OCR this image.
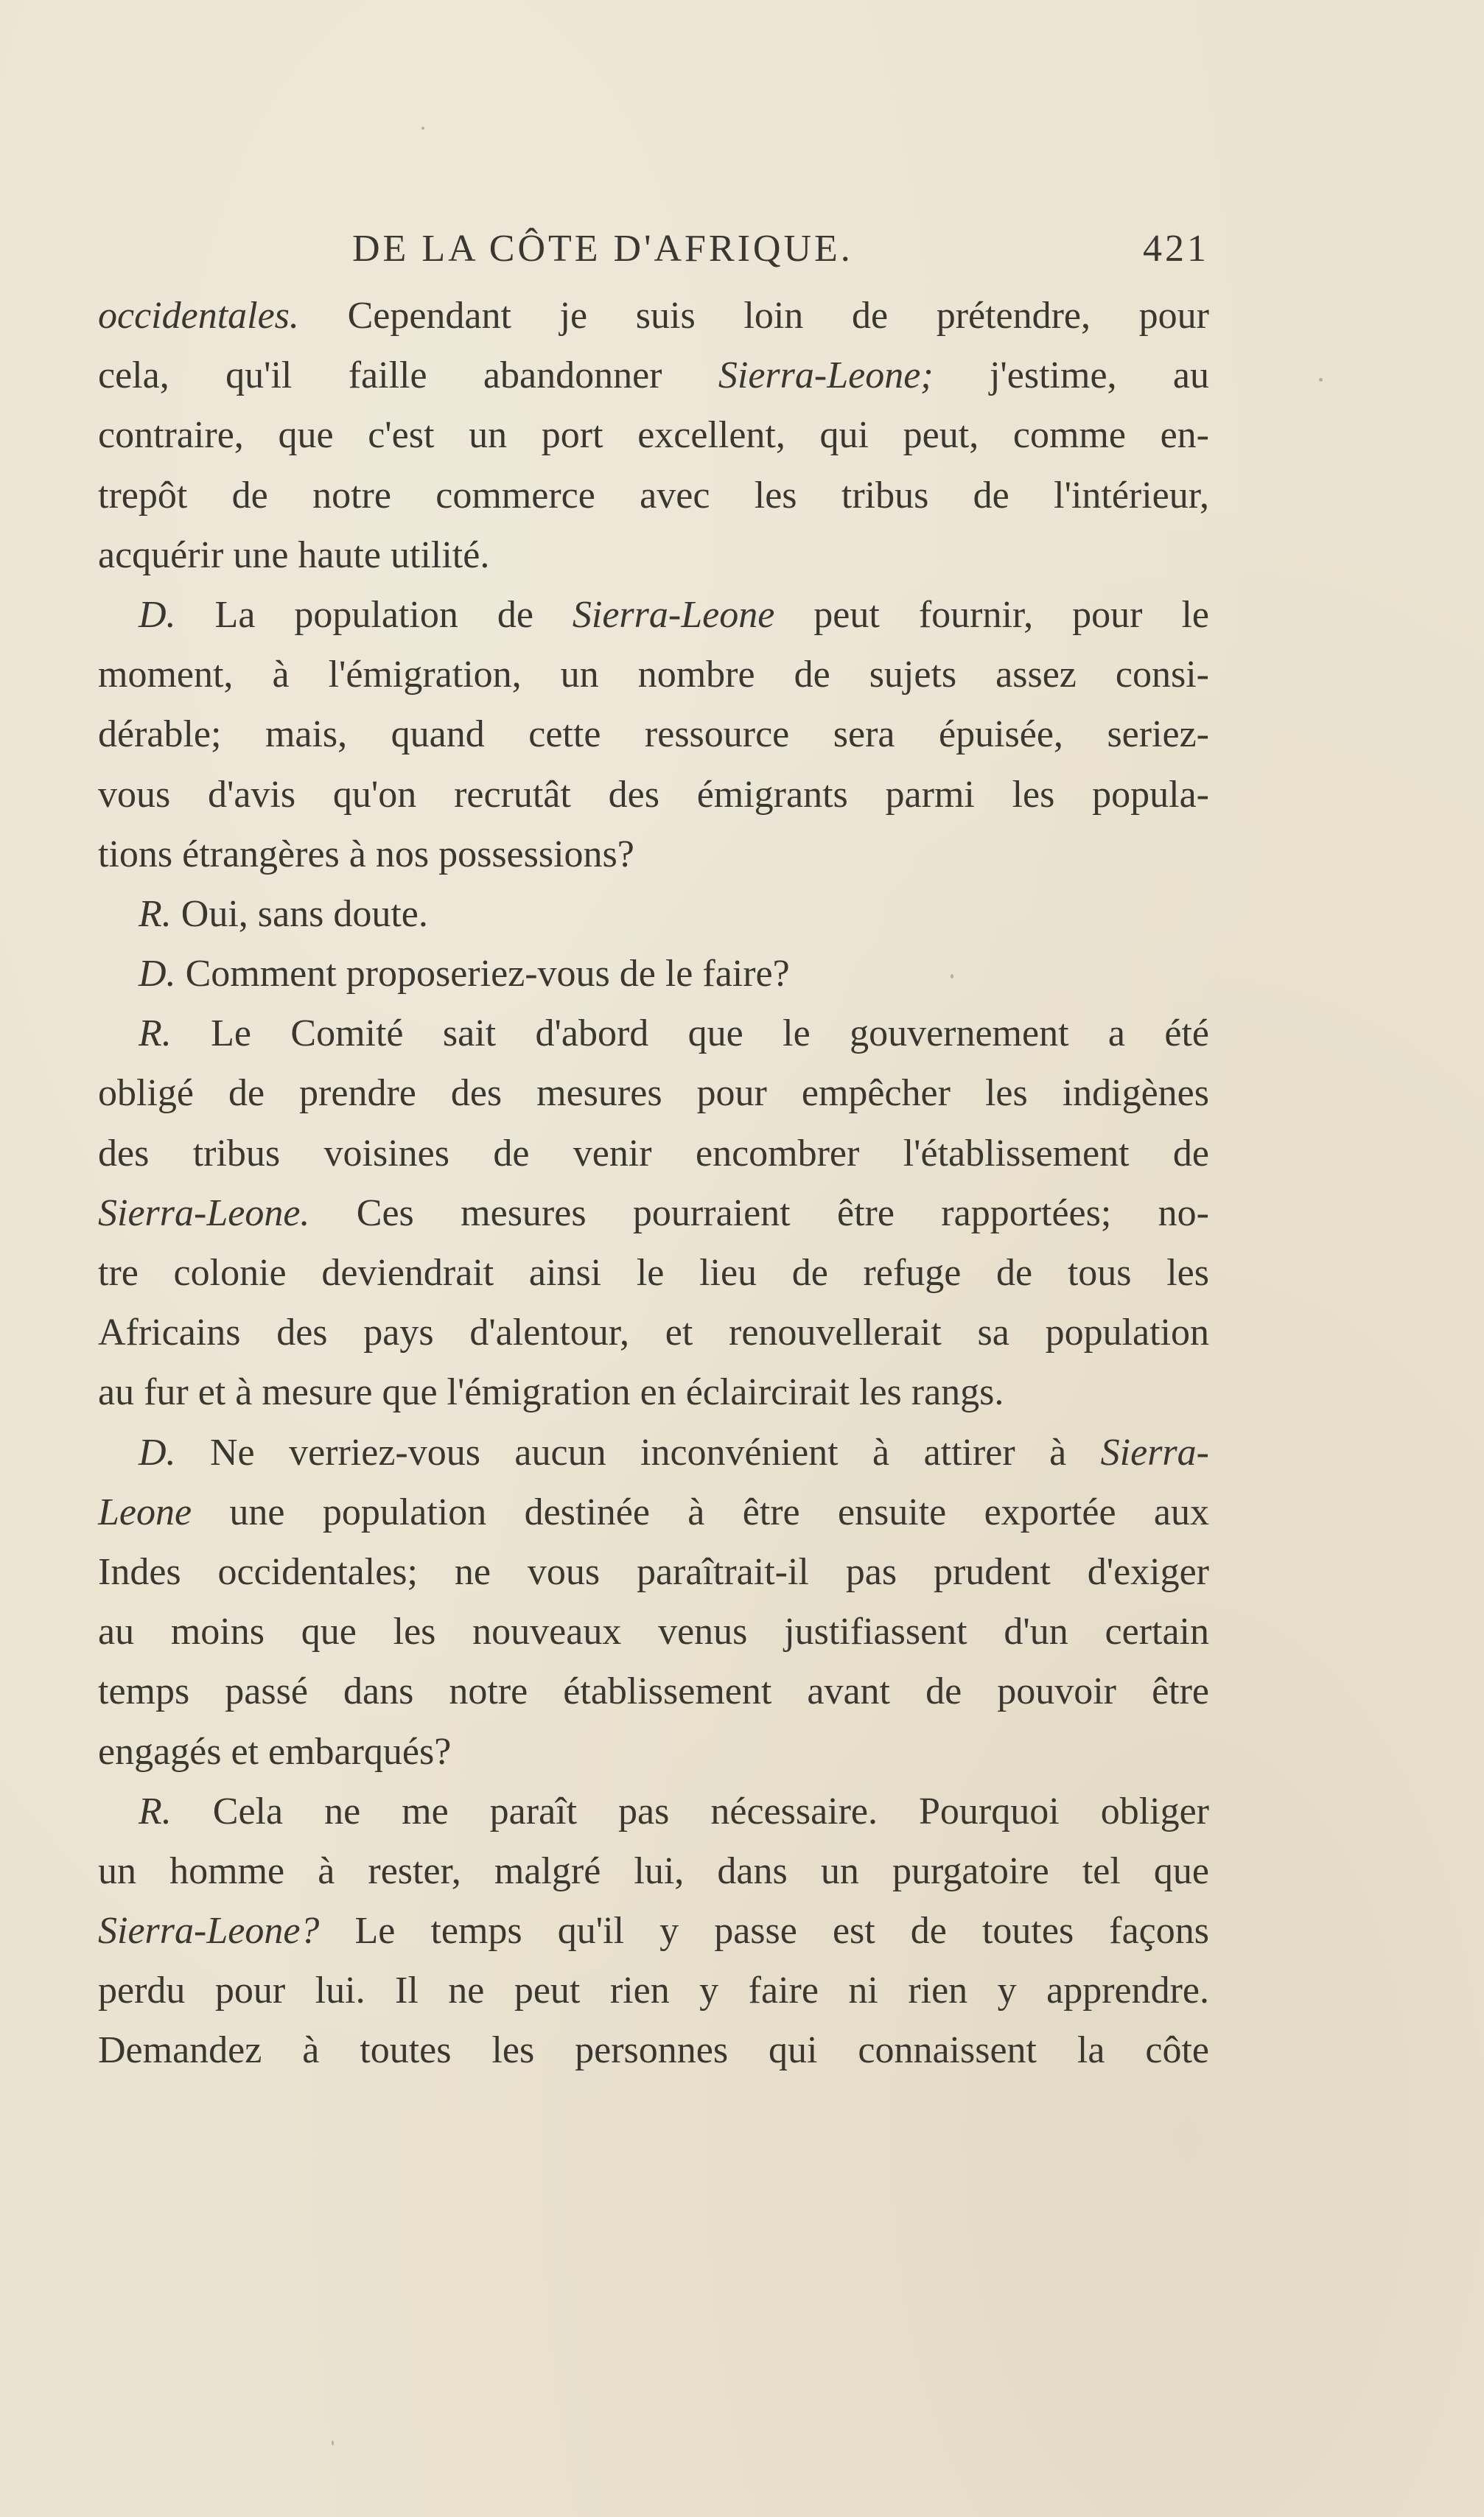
DE LA CÔTE D'AFRIQUE.	421
occidentales. Cependant je suis loin de prétendre, pour
cela, qu'il faille abandonner Sierra-Leone; j'estime, au
contraire, que c'est un port excellent, qui peut, comme en-
trepôt de notre commerce avec les tribus de l'intérieur,
acquérir une haute utilité.
D. La population de Sierra-Leone peut fournir, pour le
moment, à l'émigration, un nombre de sujets assez consi-
dérable; mais, quand cette ressource sera épuisée, seriez-
vous d'avis qu'on recrutât des émigrants parmi les popula-
tions étrangères à nos possessions?
R. Oui, sans doute.
D. Comment proposeriez-vous de le faire?
R. Le Comité sait d'abord que le gouvernement a été
obligé de prendre des mesures pour empêcher les indigènes
des tribus voisines de venir encombrer l'établissement de
Sierra-Leone. Ces mesures pourraient être rapportées; no-
tre colonie deviendrait ainsi le lieu de refuge de tous les
Africains des pays d'alentour, et renouvellerait sa population
au fur et à mesure que l'émigration en éclaircirait les rangs.
D. Ne verriez-vous aucun inconvénient à attirer à Sierra-
Leone une population destinée à être ensuite exportée aux
Indes occidentales; ne vous paraîtrait-il pas prudent d'exiger
au moins que les nouveaux venus justifiassent d'un certain
temps passé dans notre établissement avant de pouvoir être
engagés et embarqués?
R. Cela ne me paraît pas nécessaire. Pourquoi obliger
un homme à rester, malgré lui, dans un purgatoire tel que
Sierra-Leone? Le temps qu'il y passe est de toutes façons
perdu pour lui. Il ne peut rien y faire ni rien y apprendre.
Demandez à toutes les personnes qui connaissent la côte
